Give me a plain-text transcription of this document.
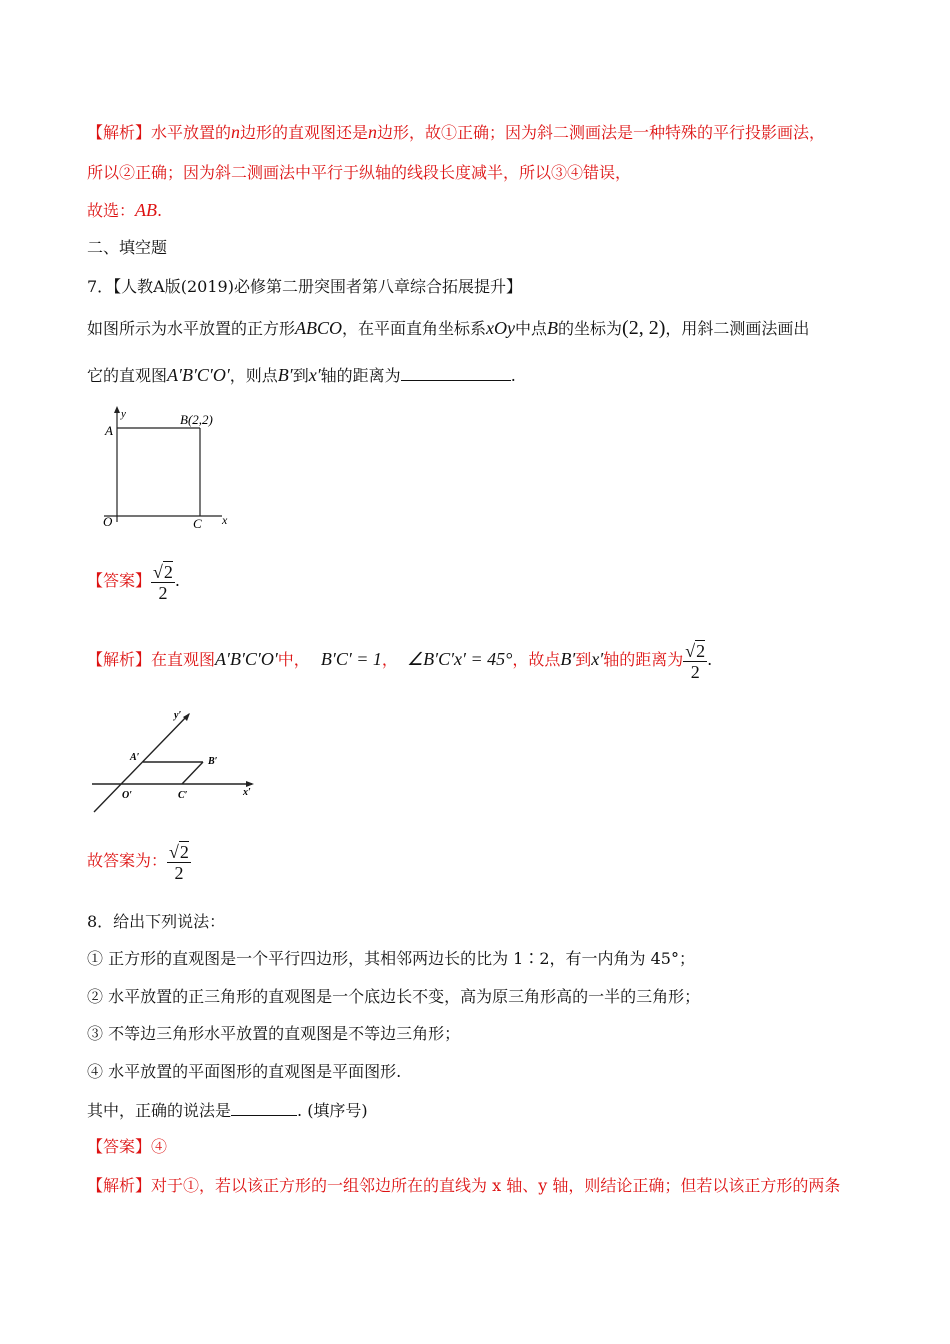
【解析】水平放置的n边形的直观图还是n边形，故①正确；因为斜二测画法是一种特殊的平行投影画法，
所以②正确；因为斜二测画法中平行于纵轴的线段长度减半，所以③④错误，
故选：AB.
二、填空题
7．【人教A版(2019)必修第二册突围者第八章综合拓展提升】
如图所示为水平放置的正方形ABCO，在平面直角坐标系xOy中点B的坐标为(2, 2)，用斜二测画法画出
它的直观图A′B′C′O′，则点B′到x′轴的距离为	.
y
A
B(2,2)
O	C x
【答案】 $\frac{√2}{2}$ .
【解析】在直观图A′B′C′O′中， B′C′ = 1， ∠B′C′x′ = 45°，故点B′到x′轴的距离为 $\frac{√2}{2}$ .
y′
A′	B′
O′	C′	x′
故答案为： $\frac{√2}{2}$
8．给出下列说法：
① 正方形的直观图是一个平行四边形，其相邻两边长的比为 1∶2，有一内角为 45°；
② 水平放置的正三角形的直观图是一个底边长不变，高为原三角形高的一半的三角形；
③ 不等边三角形水平放置的直观图是不等边三角形；
④ 水平放置的平面图形的直观图是平面图形.
其中，正确的说法是	. (填序号)
【答案】④
【解析】对于①，若以该正方形的一组邻边所在的直线为 x 轴、y 轴，则结论正确；但若以该正方形的两条
